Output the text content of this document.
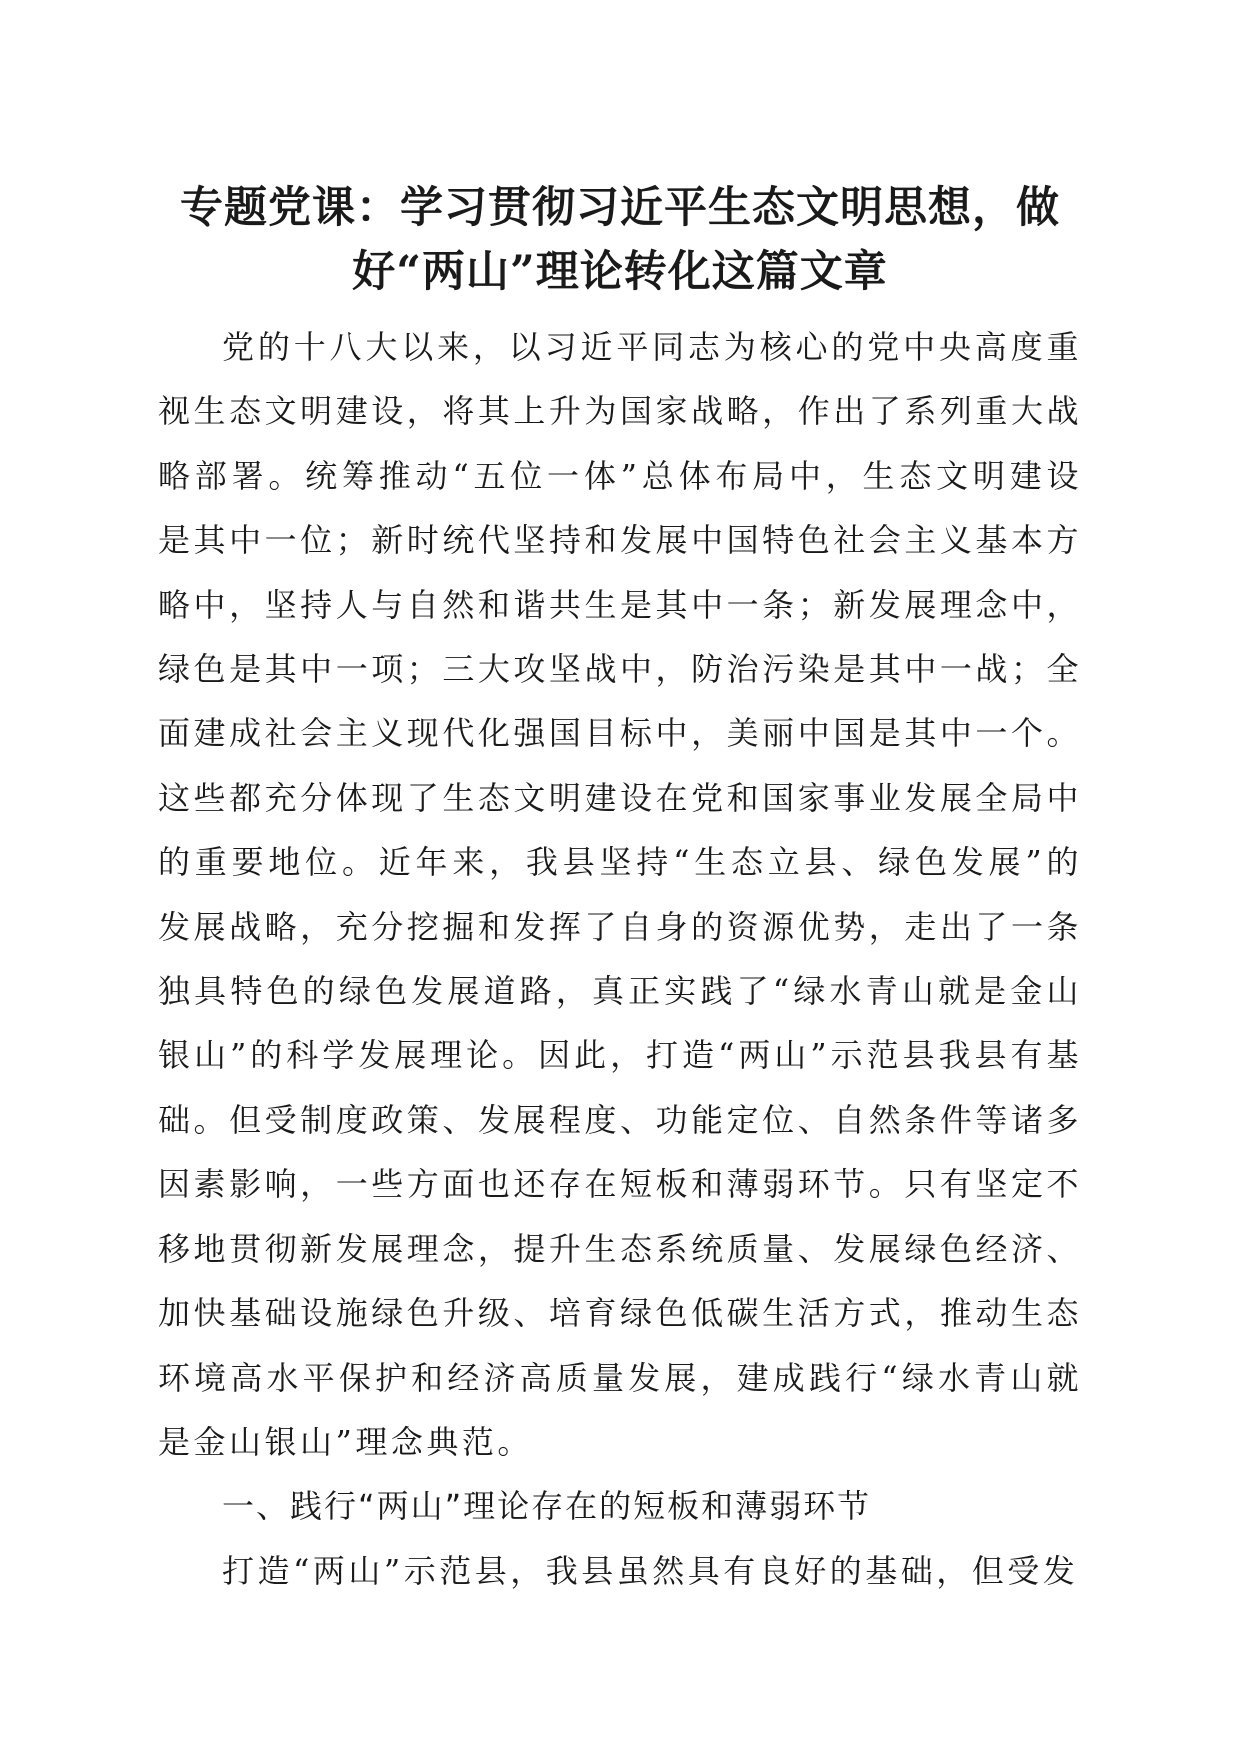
专题党课：学习贯彻习近平生态文明思想，做好“两山”理论转化这篇文章

党的十八大以来，以习近平同志为核心的党中央高度重视生态文明建设，将其上升为国家战略，作出了系列重大战略部署。统筹推动“五位一体”总体布局中，生态文明建设是其中一位；新时统代坚持和发展中国特色社会主义基本方略中，坚持人与自然和谐共生是其中一条；新发展理念中，绿色是其中一项；三大攻坚战中，防治污染是其中一战；全面建成社会主义现代化强国目标中，美丽中国是其中一个。这些都充分体现了生态文明建设在党和国家事业发展全局中的重要地位。近年来，我县坚持“生态立县、绿色发展”的发展战略，充分挖掘和发挥了自身的资源优势，走出了一条独具特色的绿色发展道路，真正实践了“绿水青山就是金山银山”的科学发展理论。因此，打造“两山”示范县我县有基础。但受制度政策、发展程度、功能定位、自然条件等诸多因素影响，一些方面也还存在短板和薄弱环节。只有坚定不移地贯彻新发展理念，提升生态系统质量、发展绿色经济、加快基础设施绿色升级、培育绿色低碳生活方式，推动生态环境高水平保护和经济高质量发展，建成践行“绿水青山就是金山银山”理念典范。

一、践行“两山”理论存在的短板和薄弱环节

打造“两山”示范县，我县虽然具有良好的基础，但受发
